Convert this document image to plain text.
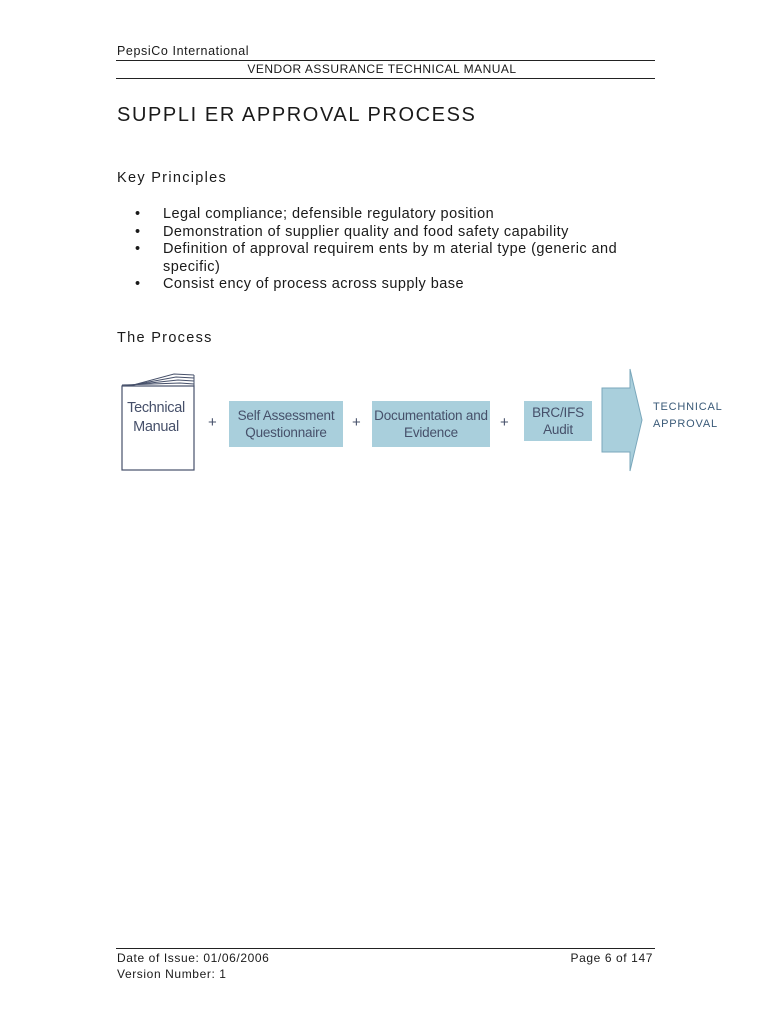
PepsiCo International
VENDOR ASSURANCE TECHNICAL MANUAL
SUPPLI ER APPROVAL PROCESS
Key Principles
•	Legal compliance; defensible regulatory position
•	Demonstration of supplier quality and food safety capability
•	Definition of approval requirem ents by m aterial type (generic and specific)
•	Consist ency of process across supply base
The Process
Technical
Manual	+ Self Assessment
Questionnaire
+ Documentation and
Evidence
+
BRC/IFS
Audit
TECHNICAL
APPROVAL
Date of Issue: 01/06/2006
Version Number: 1
Page 6 of 147
